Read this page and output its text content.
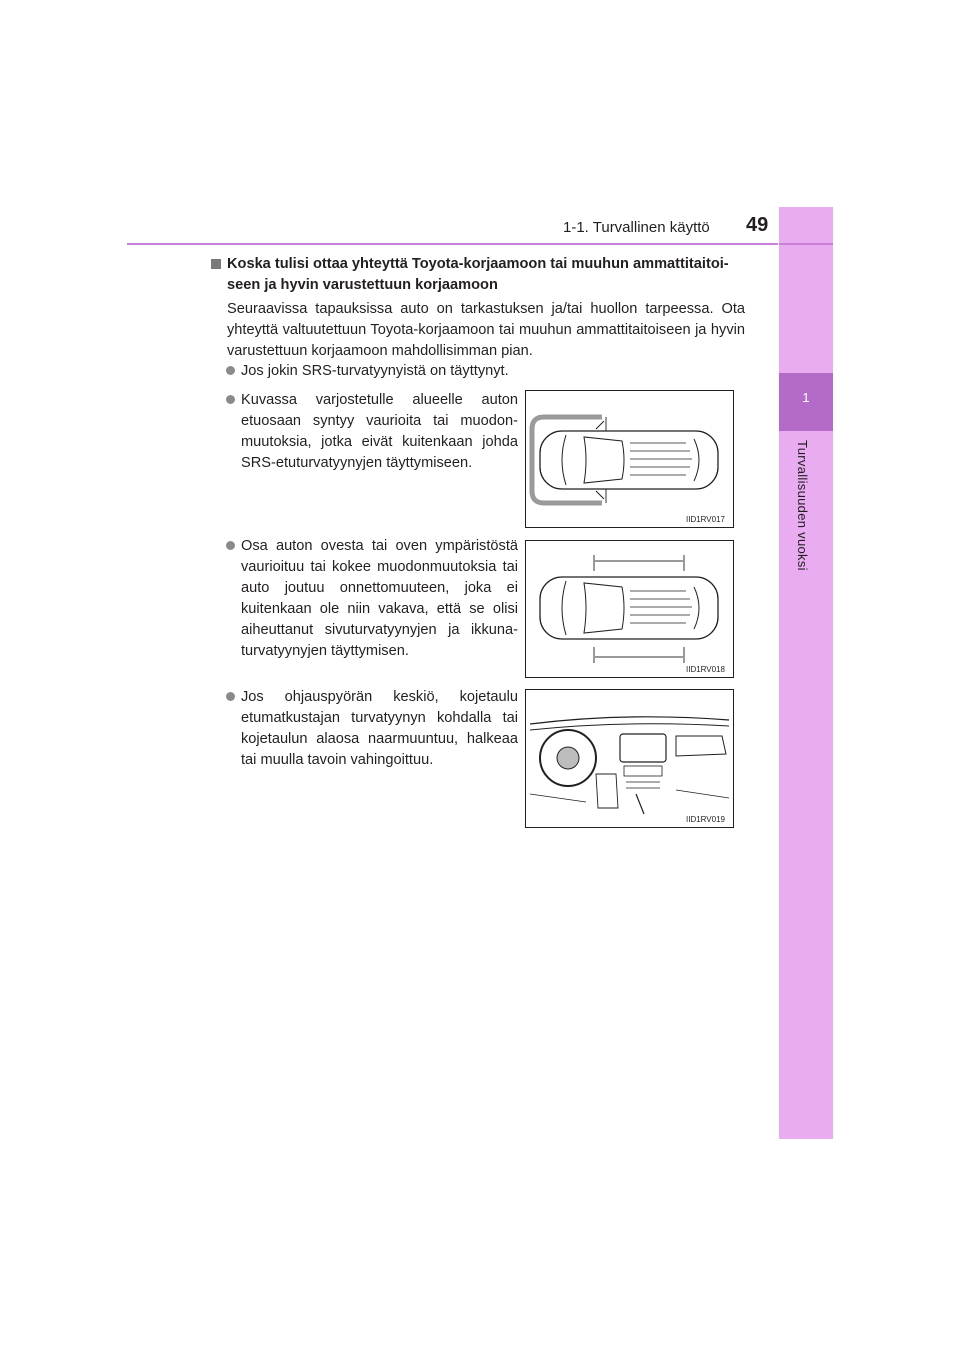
1
Turvallisuuden vuoksi
1-1. Turvallinen käyttö 49
Koska tulisi ottaa yhteyttä Toyota-korjaamoon tai muuhun ammattitaitoi-seen ja hyvin varustettuun korjaamoon
Seuraavissa tapauksissa auto on tarkastuksen ja/tai huollon tarpeessa. Ota yhteyttä valtuutettuun Toyota-korjaamoon tai muuhun ammattitaitoiseen ja hyvin varustettuun korjaamoon mahdollisimman pian.
Jos jokin SRS-turvatyynyistä on täyttynyt.
Kuvassa varjostetulle alueelle auton etuosaan syntyy vaurioita tai muodon-muutoksia, jotka eivät kuitenkaan johda SRS-etuturvatyynyjen täyttymiseen.
Osa auton ovesta tai oven ympäristöstä vaurioituu tai kokee muodonmuutoksia tai auto joutuu onnettomuuteen, joka ei kuitenkaan ole niin vakava, että se olisi aiheuttanut sivuturvatyynyjen ja ikkuna-turvatyynyjen täyttymisen.
Jos ohjauspyörän keskiö, kojetaulu etumatkustajan turvatyynyn kohdalla tai kojetaulun alaosa naarmuuntuu, halkeaa tai muulla tavoin vahingoittuu.
IID1RV017
IID1RV018
IID1RV019
